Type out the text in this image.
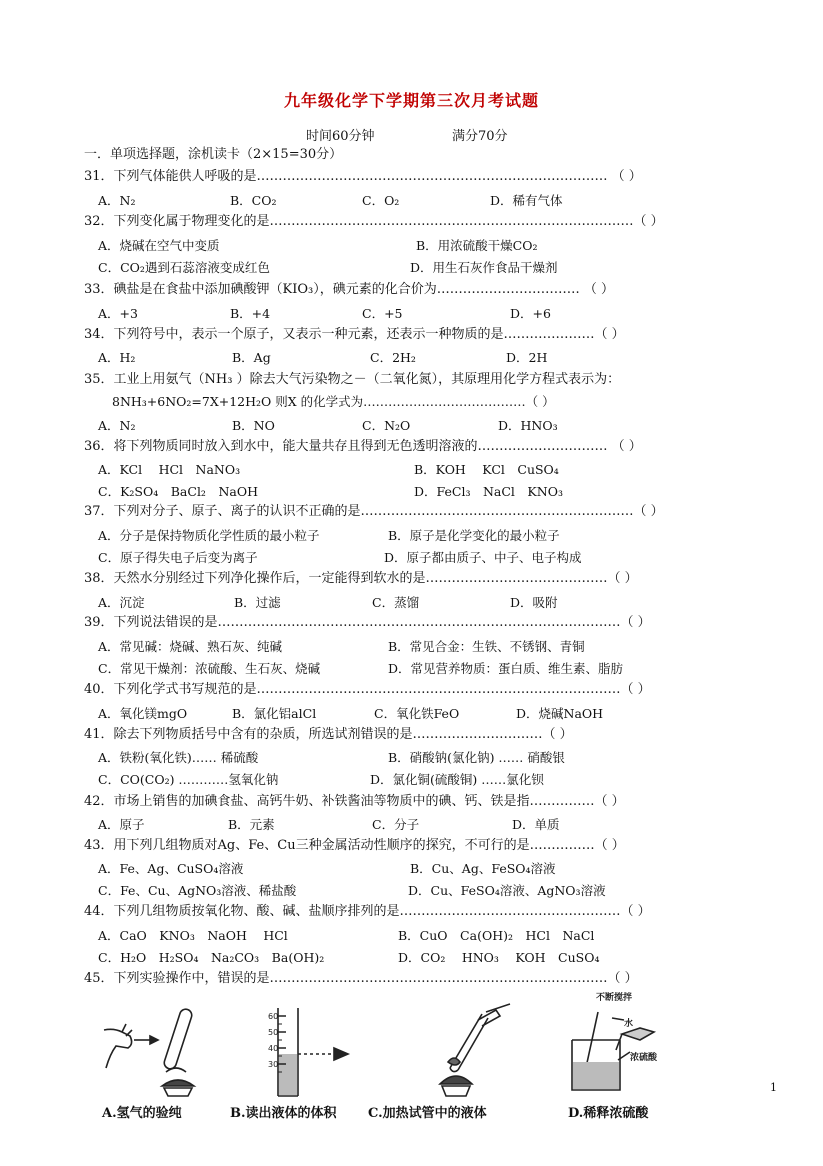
九年级化学下学期第三次月考试题
时间60分钟	满分70分
一．单项选择题，涂机读卡（2×15=30分）
31．下列气体能供人呼吸的是……………………………………………………………………… （ ）
A．N₂	B．CO₂	C．O₂	D．稀有气体
32．下列变化属于物理变化的是…………………………………………………………………………（ ）
A．烧碱在空气中变质	B．用浓硫酸干燥CO₂
C．CO₂遇到石蕊溶液变成红色	D．用生石灰作食品干燥剂
33．碘盐是在食盐中添加碘酸钾（KIO₃），碘元素的化合价为…………………………… （ ）
A．+3	B．+4	C．+5	D．+6
34．下列符号中，表示一个原子，又表示一种元素，还表示一种物质的是…………………（ ）
A．H₂	B．Ag	C．2H₂	D．2H
35．工业上用氨气（NH₃ ）除去大气污染物之－（二氧化氮），其原理用化学方程式表示为：
8NH₃+6NO₂=7X+12H₂O 则X 的化学式为…………………………………（ ）
A．N₂	B．NO	C．N₂O	D．HNO₃
36．将下列物质同时放入到水中，能大量共存且得到无色透明溶液的………………………… （ ）
A．KCl　 HCl　NaNO₃	B．KOH　 KCl　CuSO₄
C．K₂SO₄　BaCl₂　NaOH	D．FeCl₃　NaCl　KNO₃
37．下列对分子、原子、离子的认识不正确的是………………………………………………………（ ）
A．分子是保持物质化学性质的最小粒子	B．原子是化学变化的最小粒子
C．原子得失电子后变为离子	D．原子都由质子、中子、电子构成
38．天然水分别经过下列净化操作后，一定能得到软水的是……………………………………（ ）
A．沉淀	B．过滤	C．蒸馏	D．吸附
39．下列说法错误的是…………………………………………………………………………………（ ）
A．常见碱：烧碱、熟石灰、纯碱	B．常见合金：生铁、不锈钢、青铜
C．常见干燥剂：浓硫酸、生石灰、烧碱	D．常见营养物质：蛋白质、维生素、脂肪
40．下列化学式书写规范的是…………………………………………………………………………（ ）
A．氧化镁mgO	B．氯化铝alCl	C．氧化铁FeO	D．烧碱NaOH
41．除去下列物质括号中含有的杂质，所选试剂错误的是…………………………（ ）
A．铁粉(氧化铁)…… 稀硫酸	B．硝酸钠(氯化钠) …… 硝酸银
C．CO(CO₂) …………氢氧化钠	D．氯化铜(硫酸铜) ……氯化钡
42．市场上销售的加碘食盐、高钙牛奶、补铁酱油等物质中的碘、钙、铁是指……………（ ）
A．原子	B．元素	C．分子	D．单质
43．用下列几组物质对Ag、Fe、Cu三种金属活动性顺序的探究，不可行的是……………（ ）
A．Fe、Ag、CuSO₄溶液	B．Cu、Ag、FeSO₄溶液
C．Fe、Cu、AgNO₃溶液、稀盐酸	D．Cu、FeSO₄溶液、AgNO₃溶液
44．下列几组物质按氧化物、酸、碱、盐顺序排列的是……………………………………………（ ）
A．CaO　KNO₃　NaOH　 HCl	B．CuO　Ca(OH)₂　HCl　NaCl
C．H₂O　H₂SO₄　Na₂CO₃　Ba(OH)₂	D．CO₂　 HNO₃　 KOH　CuSO₄
45．下列实验操作中，错误的是……………………………………………………………………（ ）
A.氢气的验纯
60
50
40
30
B.读出液体的体积 C.加热试管中的液体
不断搅拌
水
浓硫酸
D.稀释浓硫酸
1
